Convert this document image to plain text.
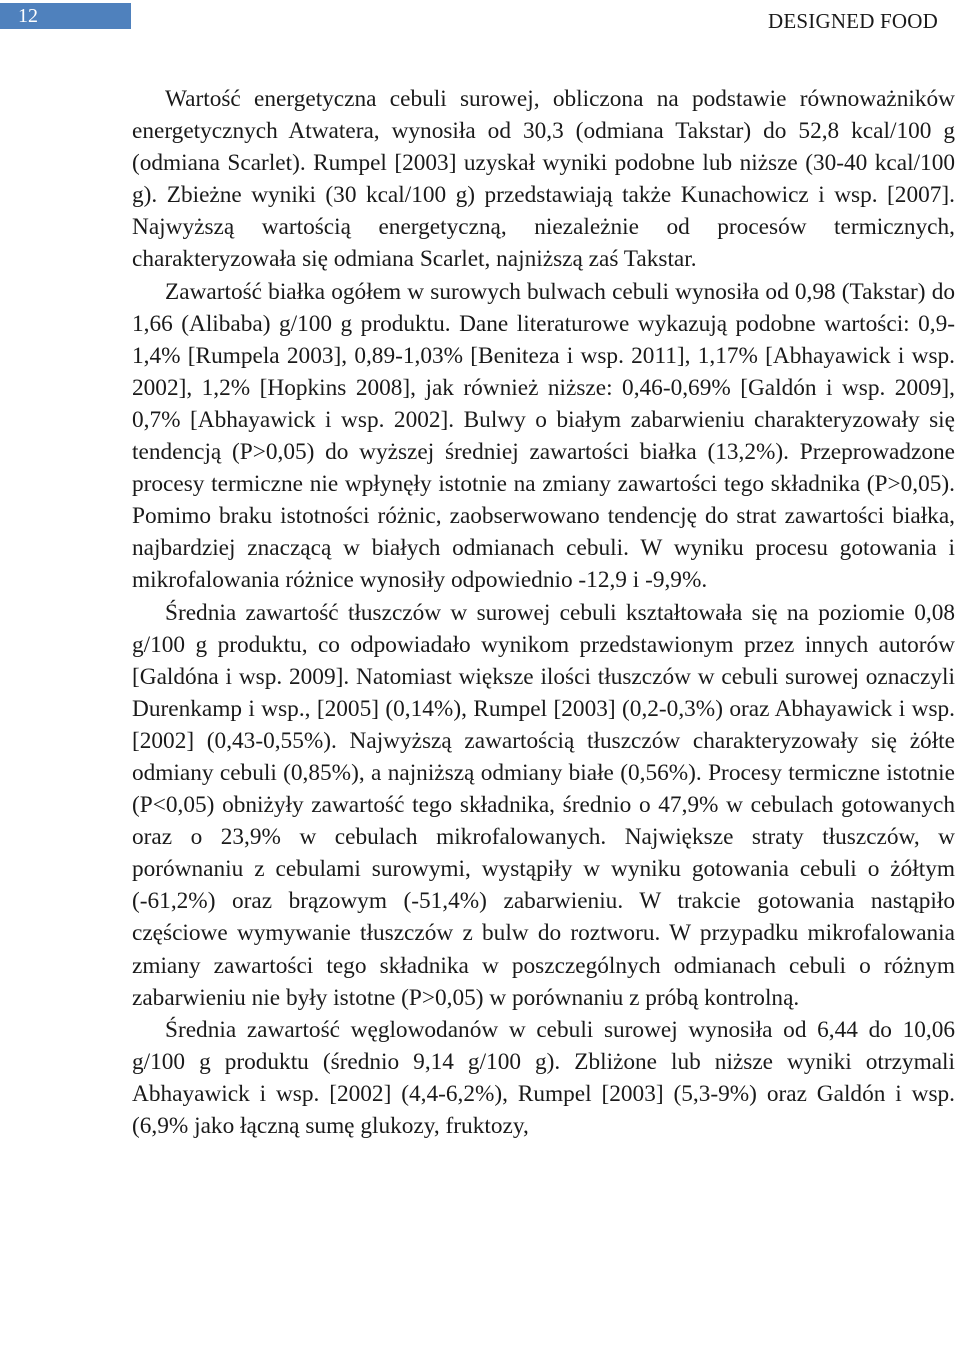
12	DESIGNED FOOD

Wartość energetyczna cebuli surowej, obliczona na podstawie równoważników energetycznych Atwatera, wynosiła od 30,3 (odmiana Takstar) do 52,8 kcal/100 g (odmiana Scarlet). Rumpel [2003] uzyskał wyniki podobne lub niższe (30-40 kcal/100 g). Zbieżne wyniki (30 kcal/100 g) przedstawiają także Kunachowicz i wsp. [2007]. Najwyższą wartością energetyczną, niezależnie od procesów termicznych, charakteryzowała się odmiana Scarlet, najniższą zaś Takstar.

Zawartość białka ogółem w surowych bulwach cebuli wynosiła od 0,98 (Takstar) do 1,66 (Alibaba) g/100 g produktu. Dane literaturowe wykazują podobne wartości: 0,9-1,4% [Rumpela 2003], 0,89-1,03% [Beniteza i wsp. 2011], 1,17% [Abhayawick i wsp. 2002], 1,2% [Hopkins 2008], jak również niższe: 0,46-0,69% [Galdón i wsp. 2009], 0,7% [Abhayawick i wsp. 2002]. Bulwy o białym zabarwieniu charakteryzowały się tendencją (P>0,05) do wyższej średniej zawartości białka (13,2%). Przeprowadzone procesy termiczne nie wpłynęły istotnie na zmiany zawartości tego składnika (P>0,05). Pomimo braku istotności różnic, zaobserwowano tendencję do strat zawartości białka, najbardziej znaczącą w białych odmianach cebuli. W wyniku procesu gotowania i mikrofalowania różnice wynosiły odpowiednio -12,9 i -9,9%.

Średnia zawartość tłuszczów w surowej cebuli kształtowała się na poziomie 0,08 g/100 g produktu, co odpowiadało wynikom przedstawionym przez innych autorów [Galdóna i wsp. 2009]. Natomiast większe ilości tłuszczów w cebuli surowej oznaczyli Durenkamp i wsp., [2005] (0,14%), Rumpel [2003] (0,2-0,3%) oraz Abhayawick i wsp. [2002] (0,43-0,55%). Najwyższą zawartością tłuszczów charakteryzowały się żółte odmiany cebuli (0,85%), a najniższą odmiany białe (0,56%). Procesy termiczne istotnie (P<0,05) obniżyły zawartość tego składnika, średnio o 47,9% w cebulach gotowanych oraz o 23,9% w cebulach mikrofalowanych. Największe straty tłuszczów, w porównaniu z cebulami surowymi, wystąpiły w wyniku gotowania cebuli o żółtym (-61,2%) oraz brązowym (-51,4%) zabarwieniu. W trakcie gotowania nastąpiło częściowe wymywanie tłuszczów z bulw do roztworu. W przypadku mikrofalowania zmiany zawartości tego składnika w poszczególnych odmianach cebuli o różnym zabarwieniu nie były istotne (P>0,05) w porównaniu z próbą kontrolną.

Średnia zawartość węglowodanów w cebuli surowej wynosiła od 6,44 do 10,06 g/100 g produktu (średnio 9,14 g/100 g). Zbliżone lub niższe wyniki otrzymali Abhayawick i wsp. [2002] (4,4-6,2%), Rumpel [2003] (5,3-9%) oraz Galdón i wsp. (6,9% jako łączną sumę glukozy, fruktozy,
